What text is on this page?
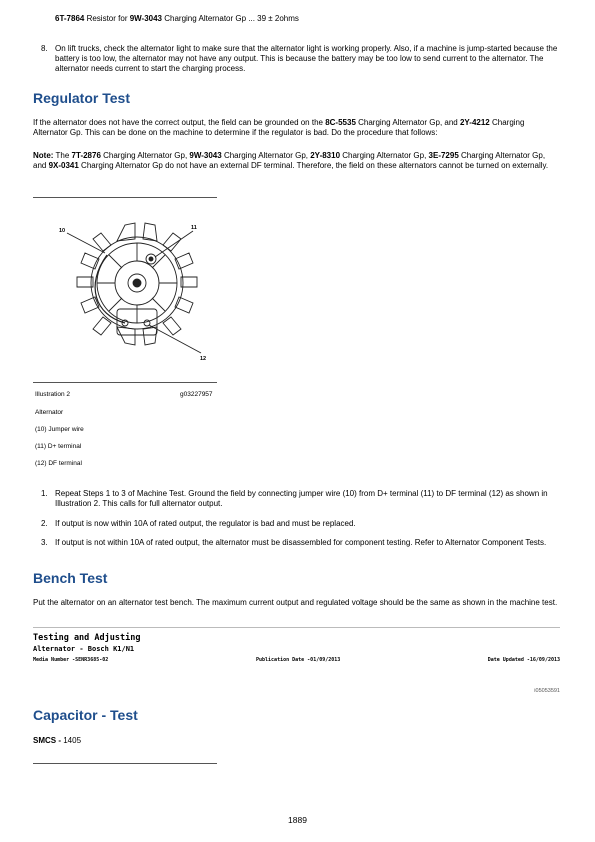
6T-7864 Resistor for 9W-3043 Charging Alternator Gp ... 39 ± 2ohms
8. On lift trucks, check the alternator light to make sure that the alternator light is working properly. Also, if a machine is jump-started because the battery is too low, the alternator may not have any output. This is because the battery may be too low to send current to the alternator. The alternator needs current to start the charging process.
Regulator Test
If the alternator does not have the correct output, the field can be grounded on the 8C-5535 Charging Alternator Gp, and 2Y-4212 Charging Alternator Gp. This can be done on the machine to determine if the regulator is bad. Do the procedure that follows:
Note: The 7T-2876 Charging Alternator Gp, 9W-3043 Charging Alternator Gp, 2Y-8310 Charging Alternator Gp, 3E-7295 Charging Alternator Gp, and 9X-0341 Charging Alternator Gp do not have an external DF terminal. Therefore, the field on these alternators cannot be turned on externally.
10	11
12
Illustration 2	g03227957
Alternator
(10) Jumper wire
(11) D+ terminal
(12) DF terminal
1. Repeat Steps 1 to 3 of Machine Test. Ground the field by connecting jumper wire (10) from D+ terminal (11) to DF terminal (12) as shown in Illustration 2. This calls for full alternator output.
2. If output is now within 10A of rated output, the regulator is bad and must be replaced.
3. If output is not within 10A of rated output, the alternator must be disassembled for component testing. Refer to Alternator Component Tests.
Bench Test
Put the alternator on an alternator test bench. The maximum current output and regulated voltage should be the same as shown in the machine test.
Testing and Adjusting
Alternator - Bosch K1/N1
Media Number -SENR3685-02	Publication Date -01/09/2013	Date Updated -16/09/2013
i05053591
Capacitor - Test
SMCS - 1405
1889
